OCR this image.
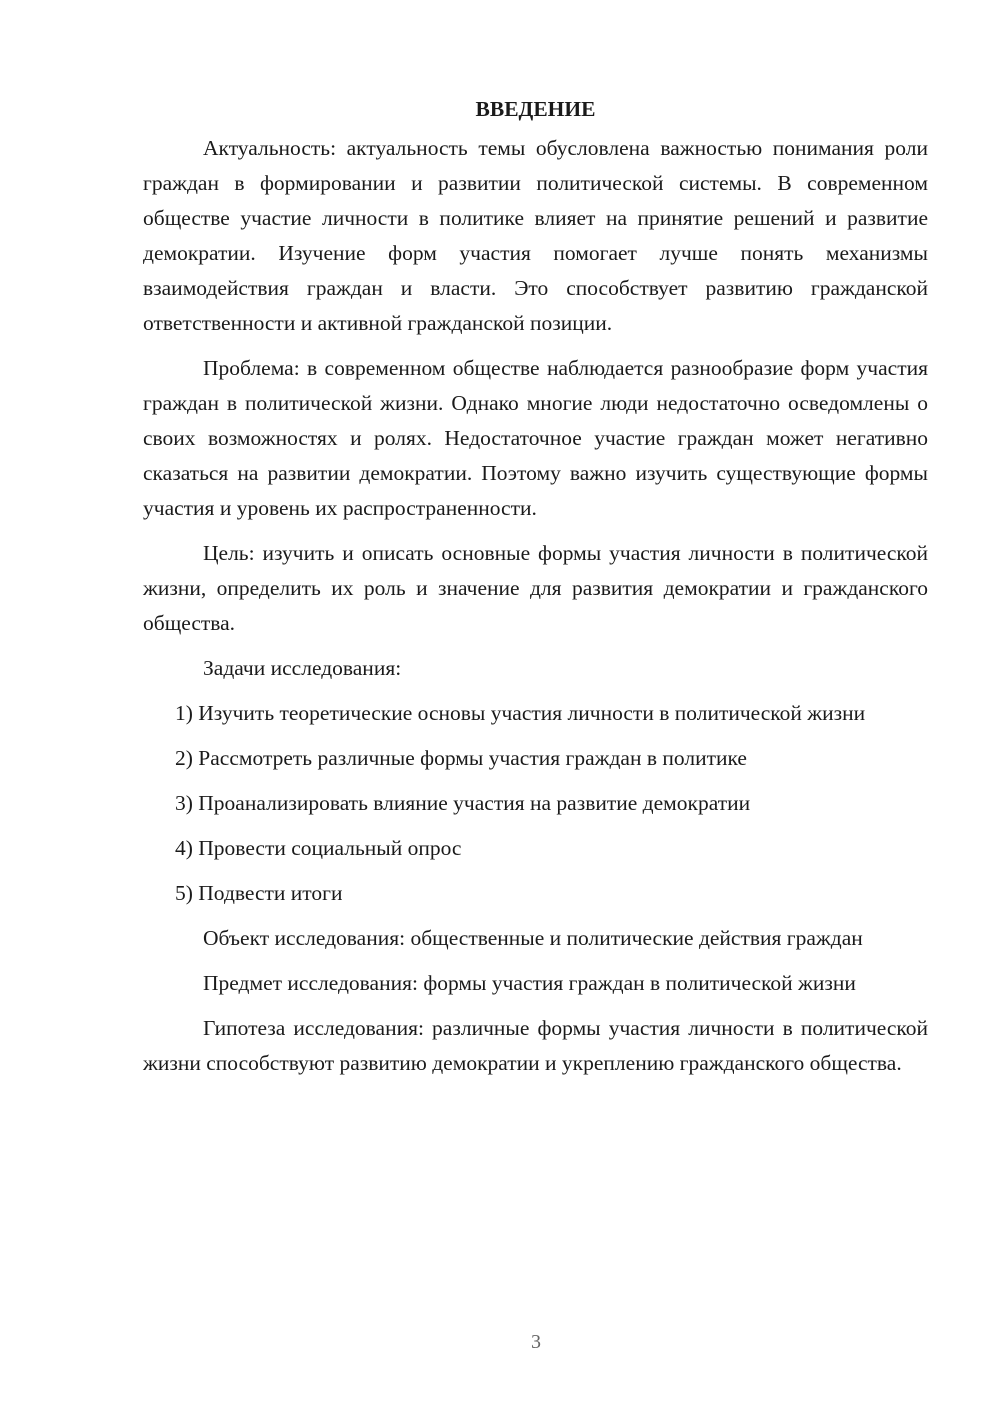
ВВЕДЕНИЕ

Актуальность: актуальность темы обусловлена важностью понимания роли граждан в формировании и развитии политической системы. В современном обществе участие личности в политике влияет на принятие решений и развитие демократии. Изучение форм участия помогает лучше понять механизмы взаимодействия граждан и власти. Это способствует развитию гражданской ответственности и активной гражданской позиции.

Проблема: в современном обществе наблюдается разнообразие форм участия граждан в политической жизни. Однако многие люди недостаточно осведомлены о своих возможностях и ролях. Недостаточное участие граждан может негативно сказаться на развитии демократии. Поэтому важно изучить существующие формы участия и уровень их распространенности.

Цель: изучить и описать основные формы участия личности в политической жизни, определить их роль и значение для развития демократии и гражданского общества.

Задачи исследования:

1) Изучить теоретические основы участия личности в политической жизни

2) Рассмотреть различные формы участия граждан в политике

3) Проанализировать влияние участия на развитие демократии

4) Провести социальный опрос

5) Подвести итоги

Объект исследования: общественные и политические действия граждан

Предмет исследования: формы участия граждан в политической жизни

Гипотеза исследования: различные формы участия личности в политической жизни способствуют развитию демократии и укреплению гражданского общества.

3
